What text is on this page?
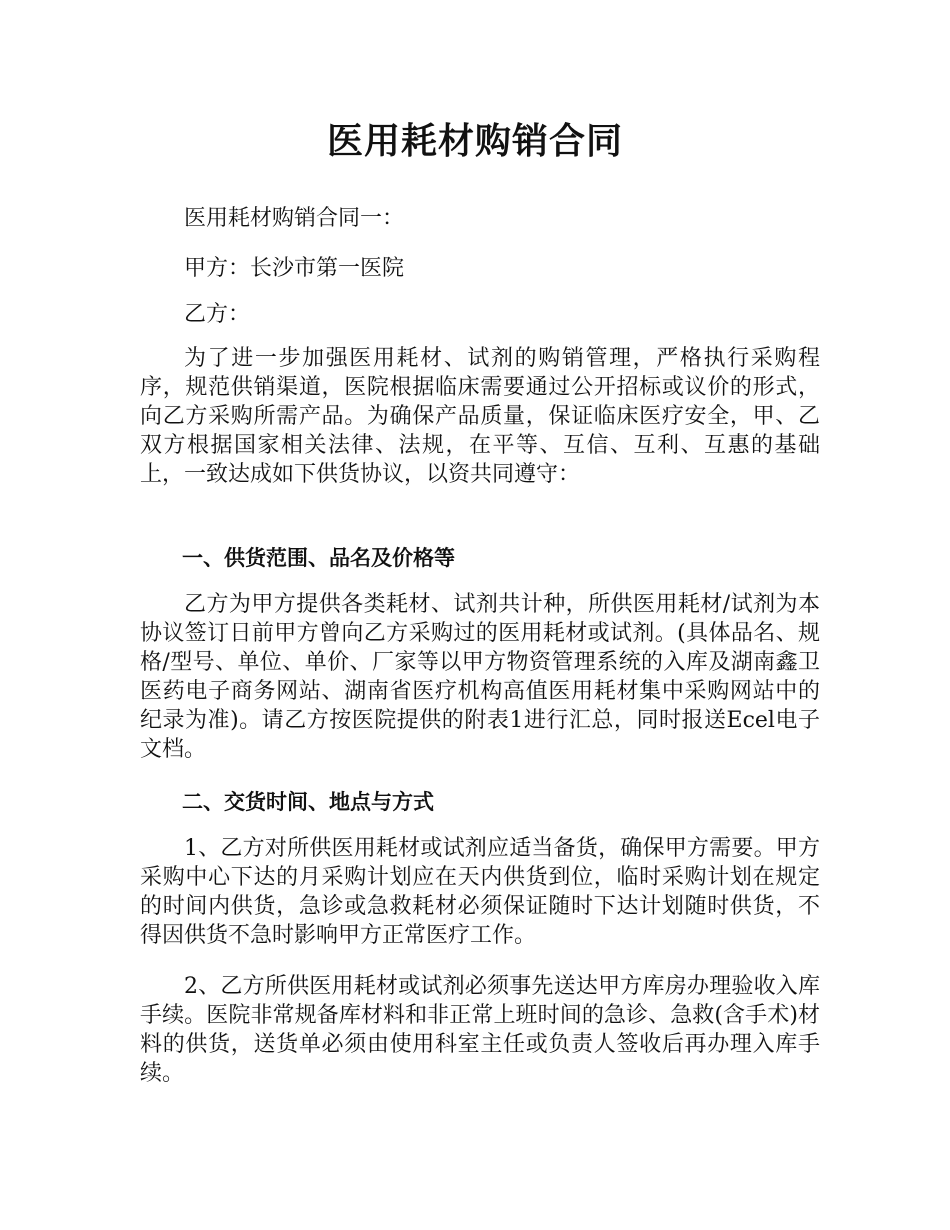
医用耗材购销合同

医用耗材购销合同一：

甲方：长沙市第一医院

乙方：

为了进一步加强医用耗材、试剂的购销管理，严格执行采购程序，规范供销渠道，医院根据临床需要通过公开招标或议价的形式，向乙方采购所需产品。为确保产品质量，保证临床医疗安全，甲、乙双方根据国家相关法律、法规，在平等、互信、互利、互惠的基础上，一致达成如下供货协议，以资共同遵守：

一、供货范围、品名及价格等

乙方为甲方提供各类耗材、试剂共计种，所供医用耗材/试剂为本协议签订日前甲方曾向乙方采购过的医用耗材或试剂。(具体品名、规格/型号、单位、单价、厂家等以甲方物资管理系统的入库及湖南鑫卫医药电子商务网站、湖南省医疗机构高值医用耗材集中采购网站中的纪录为准)。请乙方按医院提供的附表1进行汇总，同时报送Ecel电子文档。

二、交货时间、地点与方式

1、乙方对所供医用耗材或试剂应适当备货，确保甲方需要。甲方采购中心下达的月采购计划应在天内供货到位，临时采购计划在规定的时间内供货，急诊或急救耗材必须保证随时下达计划随时供货，不得因供货不急时影响甲方正常医疗工作。

2、乙方所供医用耗材或试剂必须事先送达甲方库房办理验收入库手续。医院非常规备库材料和非正常上班时间的急诊、急救(含手术)材料的供货，送货单必须由使用科室主任或负责人签收后再办理入库手续。
